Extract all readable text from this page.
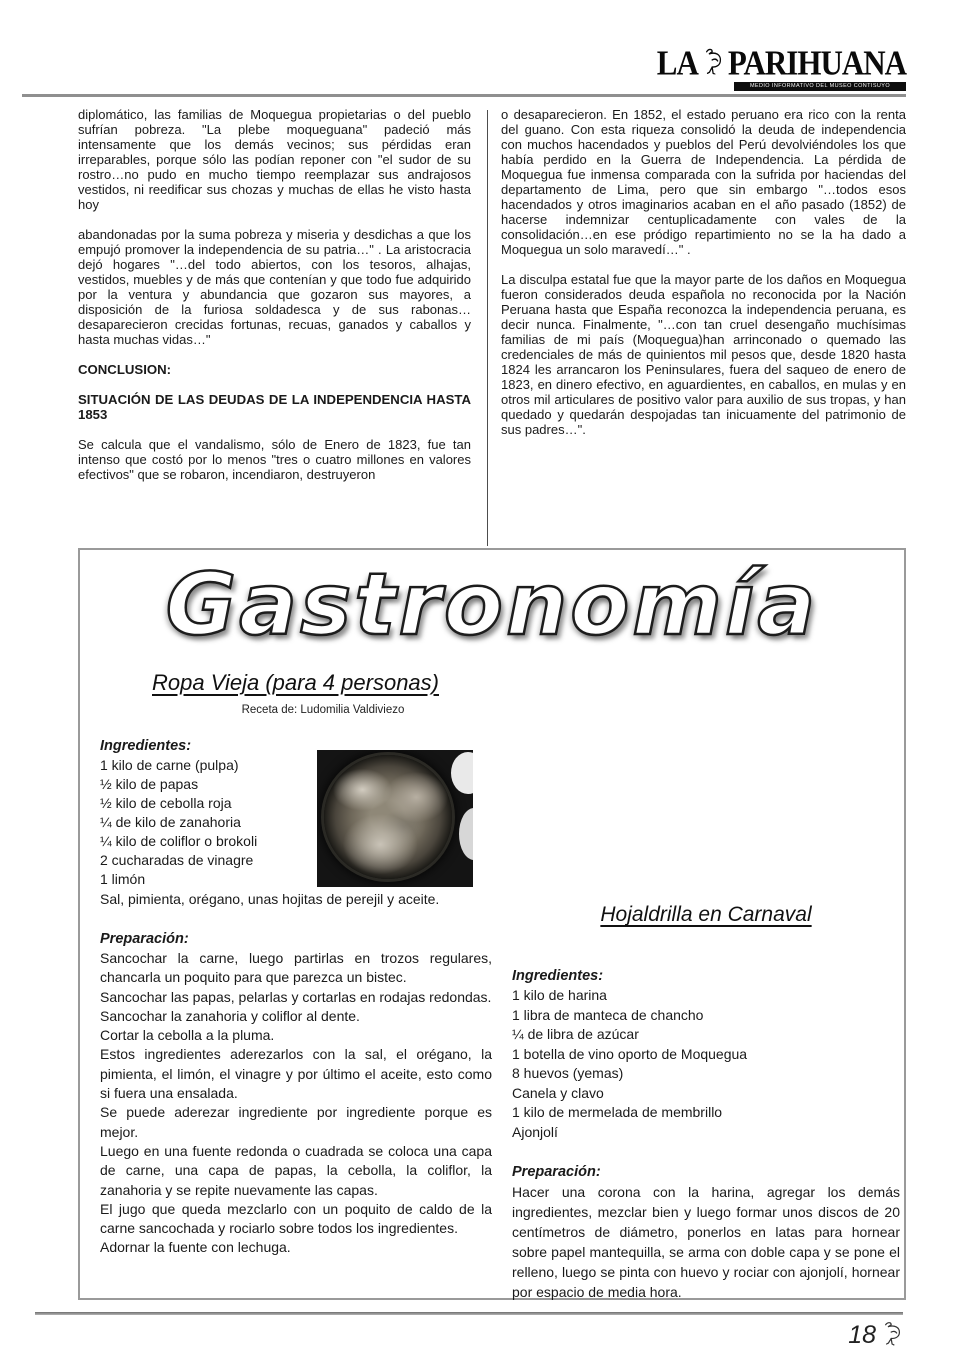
LA PARIHUANA
MEDIO INFORMATIVO DEL MUSEO CONTISUYO

diplomático, las familias de Moquegua propietarias o del pueblo sufrían pobreza. "La plebe moqueguana" padeció más intensamente que los demás vecinos; sus pérdidas eran irreparables, porque sólo las podían reponer con "el sudor de su rostro…no pudo en mucho tiempo reemplazar sus andrajosos vestidos, ni reedificar sus chozas y muchas de ellas he visto hasta hoy

abandonadas por la suma pobreza y miseria y desdichas a que los empujó promover la independencia de su patria…" . La aristocracia dejó hogares "…del todo abiertos, con los tesoros, alhajas, vestidos, muebles y de más que contenían y que todo fue adquirido por la ventura y abundancia que gozaron sus mayores, a disposición de la furiosa soldadesca y de sus rabonas…desaparecieron crecidas fortunas, recuas, ganados y caballos y hasta muchas vidas…"

CONCLUSION:

SITUACIÓN DE LAS DEUDAS DE LA INDEPENDENCIA HASTA 1853

Se calcula que el vandalismo, sólo de Enero de 1823, fue tan intenso que costó por lo menos "tres o cuatro millones en valores efectivos" que se robaron, incendiaron, destruyeron

o desaparecieron. En 1852, el estado peruano era rico con la renta del guano. Con esta riqueza consolidó la deuda de independencia con muchos hacendados y pueblos del Perú devolviéndoles los que había perdido en la Guerra de Independencia. La pérdida de Moquegua fue inmensa comparada con la sufrida por haciendas del departamento de Lima, pero que sin embargo "…todos esos hacendados y otros imaginarios acaban en el año pasado (1852) de hacerse indemnizar centuplicadamente con vales de la consolidación…en ese pródigo repartimiento no se la ha dado a Moquegua un solo maravedí…" .

La disculpa estatal fue que la mayor parte de los daños en Moquegua fueron considerados deuda española no reconocida por la Nación Peruana hasta que España reconozca la independencia peruana, es decir nunca. Finalmente, "…con tan cruel desengaño muchísimas familias de mi país (Moquegua)han arrinconado o quemado las credenciales de más de quinientos mil pesos que, desde 1820 hasta 1824 les arrancaron los Peninsulares, fuera del saqueo de enero de 1823, en dinero efectivo, en aguardientes, en caballos, en mulas y en otros mil articulares de positivo valor para auxilio de sus tropas, y han quedado y quedarán despojadas tan inicuamente del patrimonio de sus padres…".

Gastronomía
Ropa Vieja (para 4 personas)
Receta de: Ludomilia Valdiviezo
Ingredientes:
1 kilo de carne (pulpa)
½ kilo de papas
½ kilo de cebolla roja
¼ de kilo de zanahoria
¼ kilo de coliflor o brokoli
2 cucharadas de vinagre
1 limón
Sal, pimienta, orégano, unas hojitas de perejil y aceite.
Preparación:

Sancochar la carne, luego partirlas en trozos regulares, chancarla un poquito para que parezca un bistec.

Sancochar las papas, pelarlas y cortarlas en rodajas redondas.

Sancochar la zanahoria y coliflor al dente.

Cortar la cebolla a la pluma.

Estos ingredientes aderezarlos con la sal, el orégano, la pimienta, el limón, el vinagre y por último el aceite, esto como si fuera una ensalada.

Se puede aderezar ingrediente por ingrediente porque es mejor.

Luego en una fuente redonda o cuadrada se coloca una capa de carne, una capa de papas, la cebolla, la coliflor, la zanahoria y se repite nuevamente las capas.

El jugo que queda mezclarlo con un poquito de caldo de la carne sancochada y rociarlo sobre todos los ingredientes.

Adornar la fuente con lechuga.

Hojaldrilla en Carnaval
Ingredientes:
1 kilo de harina
1 libra de manteca de chancho
¼ de libra de azúcar
1 botella de vino oporto de Moquegua
8 huevos (yemas)
Canela y clavo
1 kilo de mermelada de membrillo
Ajonjolí
Preparación:

Hacer una corona con la harina, agregar los demás ingredientes, mezclar bien y luego formar unos discos de 20 centímetros de diámetro, ponerlos en latas para hornear sobre papel mantequilla, se arma con doble capa y se pone el relleno, luego se pinta con huevo y rociar con ajonjolí, hornear por espacio de media hora.

18
